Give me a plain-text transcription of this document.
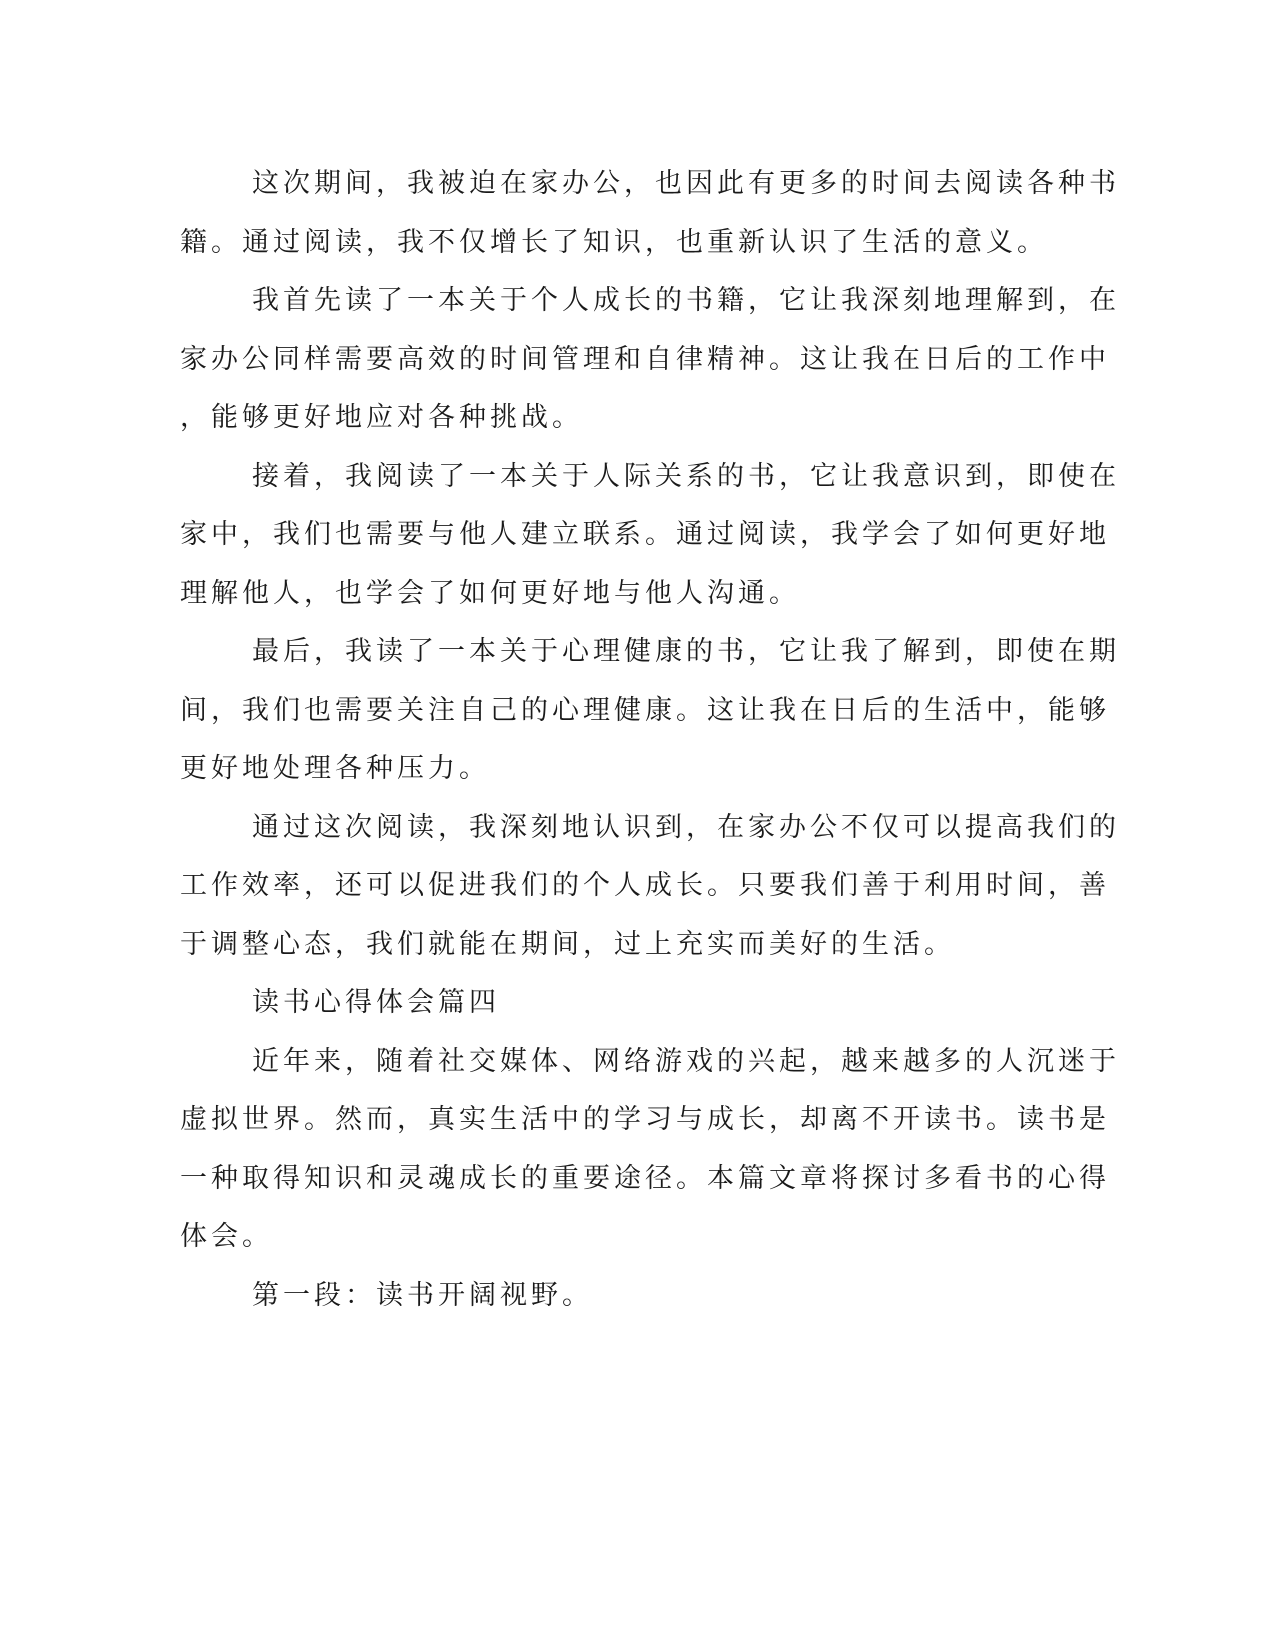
这次期间，我被迫在家办公，也因此有更多的时间去阅读各种书
籍。通过阅读，我不仅增长了知识，也重新认识了生活的意义。
我首先读了一本关于个人成长的书籍，它让我深刻地理解到，在
家办公同样需要高效的时间管理和自律精神。这让我在日后的工作中
，能够更好地应对各种挑战。
接着，我阅读了一本关于人际关系的书，它让我意识到，即使在
家中，我们也需要与他人建立联系。通过阅读，我学会了如何更好地
理解他人，也学会了如何更好地与他人沟通。
最后，我读了一本关于心理健康的书，它让我了解到，即使在期
间，我们也需要关注自己的心理健康。这让我在日后的生活中，能够
更好地处理各种压力。
通过这次阅读，我深刻地认识到，在家办公不仅可以提高我们的
工作效率，还可以促进我们的个人成长。只要我们善于利用时间，善
于调整心态，我们就能在期间，过上充实而美好的生活。
读书心得体会篇四
近年来，随着社交媒体、网络游戏的兴起，越来越多的人沉迷于
虚拟世界。然而，真实生活中的学习与成长，却离不开读书。读书是
一种取得知识和灵魂成长的重要途径。本篇文章将探讨多看书的心得
体会。
第一段：读书开阔视野。
